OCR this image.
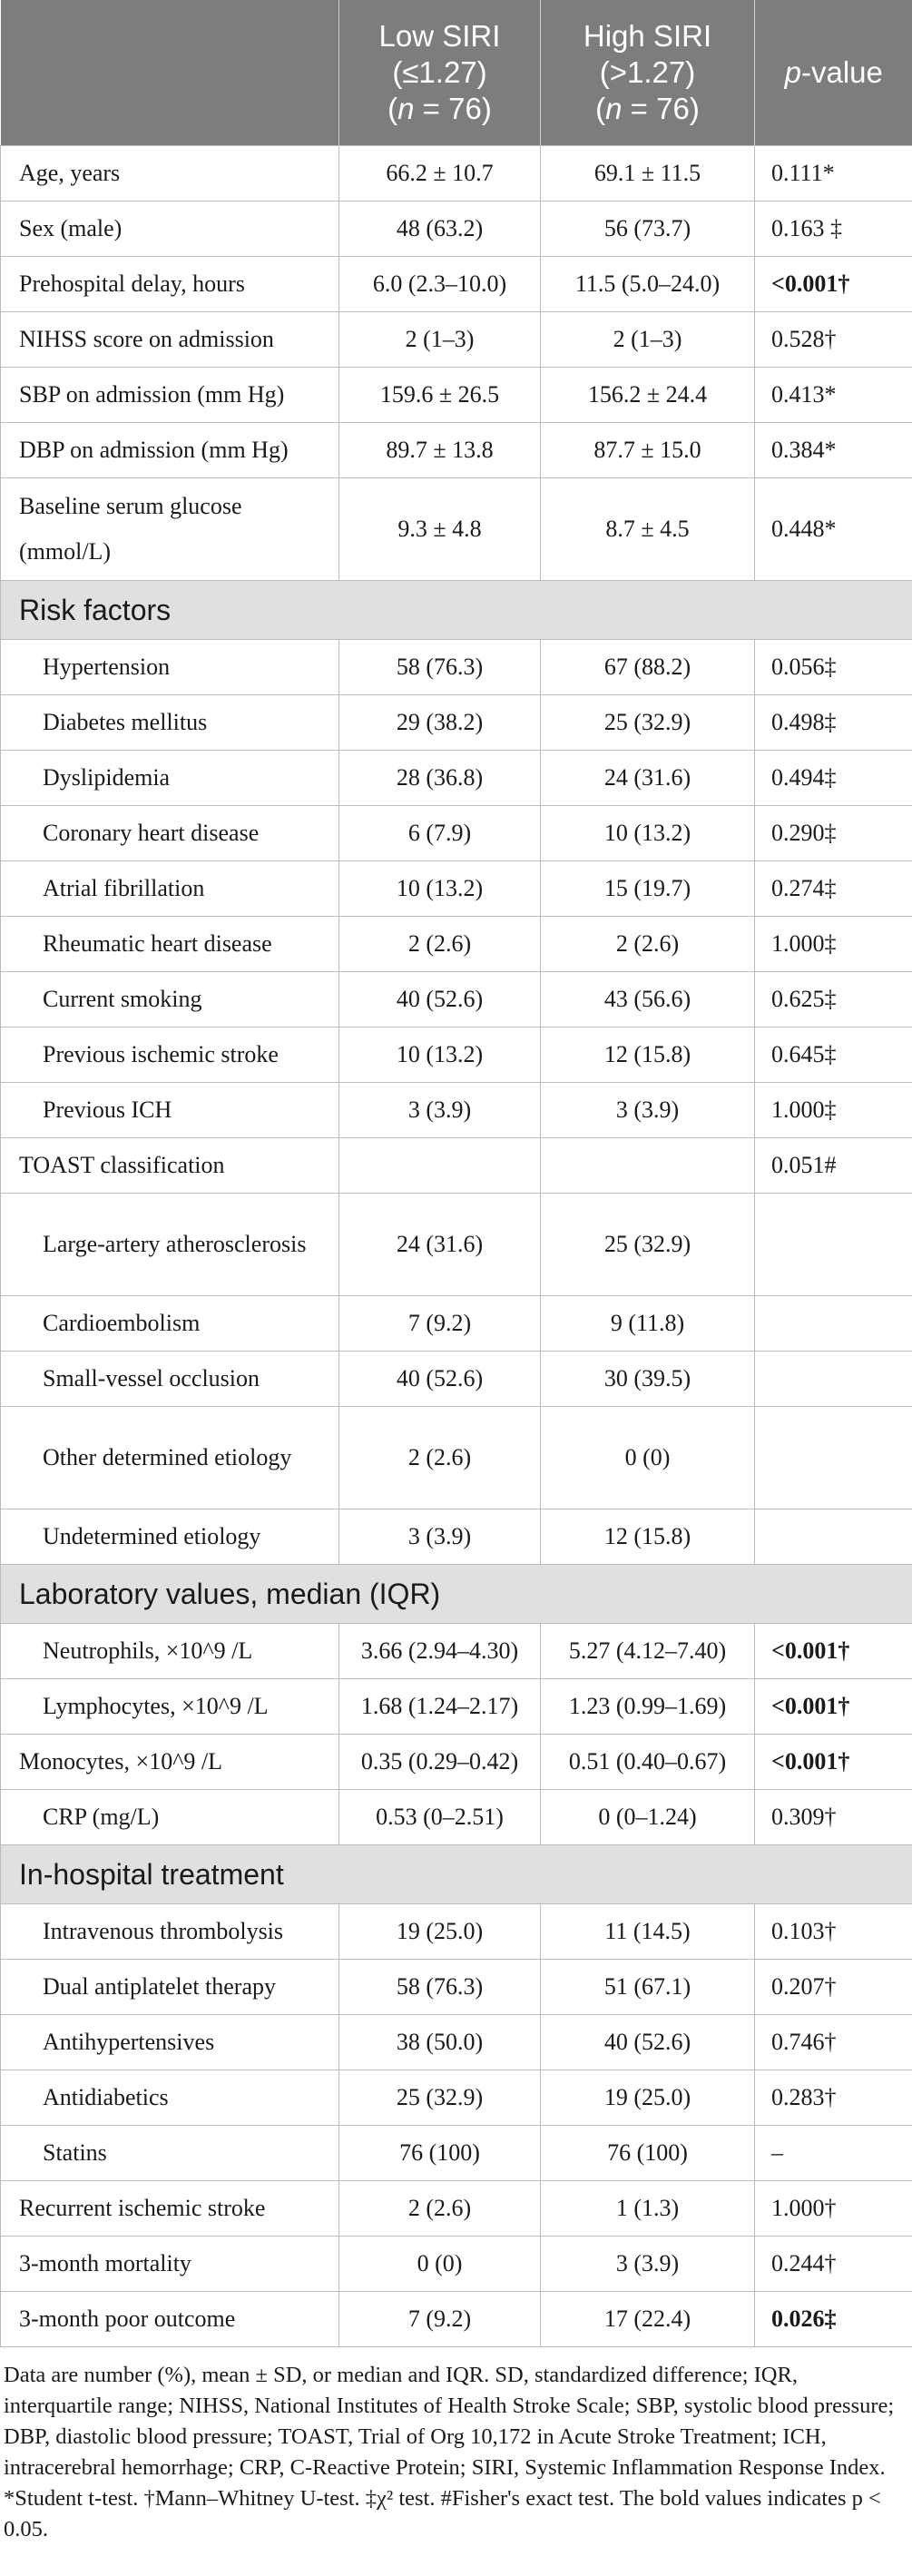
	Low SIRI
(≤1.27)
(n = 76)	High SIRI
(>1.27)
(n = 76)	p-value
Age, years	66.2 ± 10.7	69.1 ± 11.5	0.111*
Sex (male)	48 (63.2)	56 (73.7)	0.163 ‡
Prehospital delay, hours	6.0 (2.3–10.0)	11.5 (5.0–24.0)	<0.001†
NIHSS score on admission	2 (1–3)	2 (1–3)	0.528†
SBP on admission (mm Hg)	159.6 ± 26.5	156.2 ± 24.4	0.413*
DBP on admission (mm Hg)	89.7 ± 13.8	87.7 ± 15.0	0.384*
Baseline serum glucose (mmol/L)	9.3 ± 4.8	8.7 ± 4.5	0.448*
Risk factors			
Hypertension	58 (76.3)	67 (88.2)	0.056‡
Diabetes mellitus	29 (38.2)	25 (32.9)	0.498‡
Dyslipidemia	28 (36.8)	24 (31.6)	0.494‡
Coronary heart disease	6 (7.9)	10 (13.2)	0.290‡
Atrial fibrillation	10 (13.2)	15 (19.7)	0.274‡
Rheumatic heart disease	2 (2.6)	2 (2.6)	1.000‡
Current smoking	40 (52.6)	43 (56.6)	0.625‡
Previous ischemic stroke	10 (13.2)	12 (15.8)	0.645‡
Previous ICH	3 (3.9)	3 (3.9)	1.000‡
TOAST classification			0.051#
Large-artery atherosclerosis	24 (31.6)	25 (32.9)	
Cardioembolism	7 (9.2)	9 (11.8)	
Small-vessel occlusion	40 (52.6)	30 (39.5)	
Other determined etiology	2 (2.6)	0 (0)	
Undetermined etiology	3 (3.9)	12 (15.8)	
Laboratory values, median (IQR)			
Neutrophils, ×10^9 /L	3.66 (2.94–4.30)	5.27 (4.12–7.40)	<0.001†
Lymphocytes, ×10^9 /L	1.68 (1.24–2.17)	1.23 (0.99–1.69)	<0.001†
Monocytes, ×10^9 /L	0.35 (0.29–0.42)	0.51 (0.40–0.67)	<0.001†
CRP (mg/L)	0.53 (0–2.51)	0 (0–1.24)	0.309†
In-hospital treatment			
Intravenous thrombolysis	19 (25.0)	11 (14.5)	0.103†
Dual antiplatelet therapy	58 (76.3)	51 (67.1)	0.207†
Antihypertensives	38 (50.0)	40 (52.6)	0.746†
Antidiabetics	25 (32.9)	19 (25.0)	0.283†
Statins	76 (100)	76 (100)	–
Recurrent ischemic stroke	2 (2.6)	1 (1.3)	1.000†
3-month mortality	0 (0)	3 (3.9)	0.244†
3-month poor outcome	7 (9.2)	17 (22.4)	0.026‡
Data are number (%), mean ± SD, or median and IQR. SD, standardized difference; IQR, interquartile range; NIHSS, National Institutes of Health Stroke Scale; SBP, systolic blood pressure; DBP, diastolic blood pressure; TOAST, Trial of Org 10,172 in Acute Stroke Treatment; ICH, intracerebral hemorrhage; CRP, C-Reactive Protein; SIRI, Systemic Inflammation Response Index. *Student t-test. †Mann–Whitney U-test. ‡χ² test. #Fisher's exact test. The bold values indicates p < 0.05.
